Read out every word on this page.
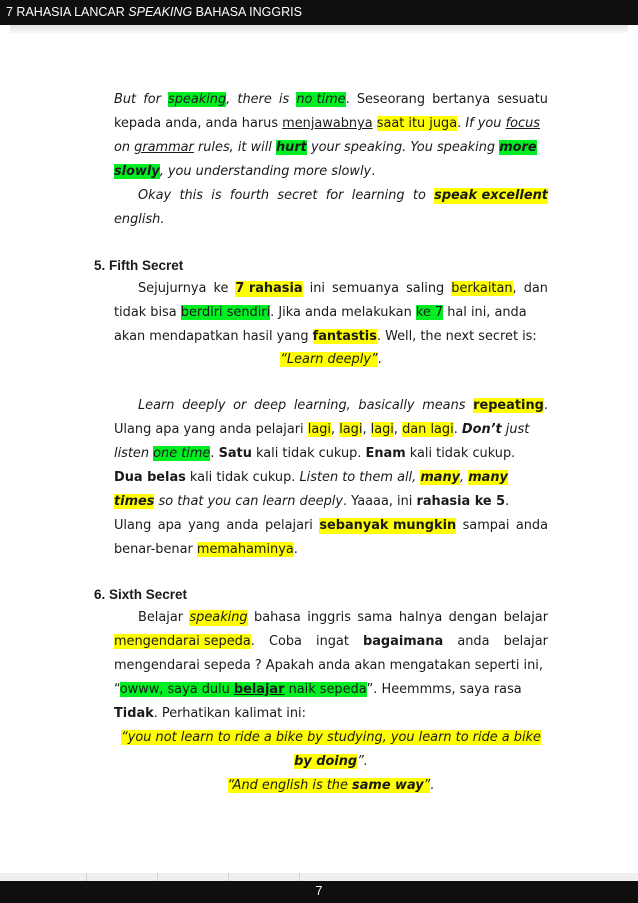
7 RAHASIA LANCAR SPEAKING BAHASA INGGRIS
But for speaking, there is no time. Seseorang bertanya sesuatu
kepada anda, anda harus menjawabnya saat itu juga. If you focus
on grammar rules, it will hurt your speaking. You speaking more
slowly, you understanding more slowly.
Okay this is fourth secret for learning to speak excellent
english.
5. Fifth Secret
Sejujurnya ke 7 rahasia ini semuanya saling berkaitan, dan
tidak bisa berdiri sendiri. Jika anda melakukan ke 7 hal ini, anda
akan mendapatkan hasil yang fantastis. Well, the next secret is:
“Learn deeply”.
Learn deeply or deep learning, basically means repeating.
Ulang apa yang anda pelajari lagi, lagi, lagi, dan lagi. Don’t just
listen one time. Satu kali tidak cukup. Enam kali tidak cukup.
Dua belas kali tidak cukup. Listen to them all, many, many
times so that you can learn deeply. Yaaaa, ini rahasia ke 5.
Ulang apa yang anda pelajari sebanyak mungkin sampai anda
benar-benar memahaminya.
6. Sixth Secret
Belajar speaking bahasa inggris sama halnya dengan belajar
mengendarai sepeda. Coba ingat bagaimana anda belajar
mengendarai sepeda ? Apakah anda akan mengatakan seperti ini,
“owww, saya dulu belajar naik sepeda”. Heemmms, saya rasa
Tidak. Perhatikan kalimat ini:
“you not learn to ride a bike by studying, you learn to ride a bike
by doing”.
“And english is the same way”.
7
